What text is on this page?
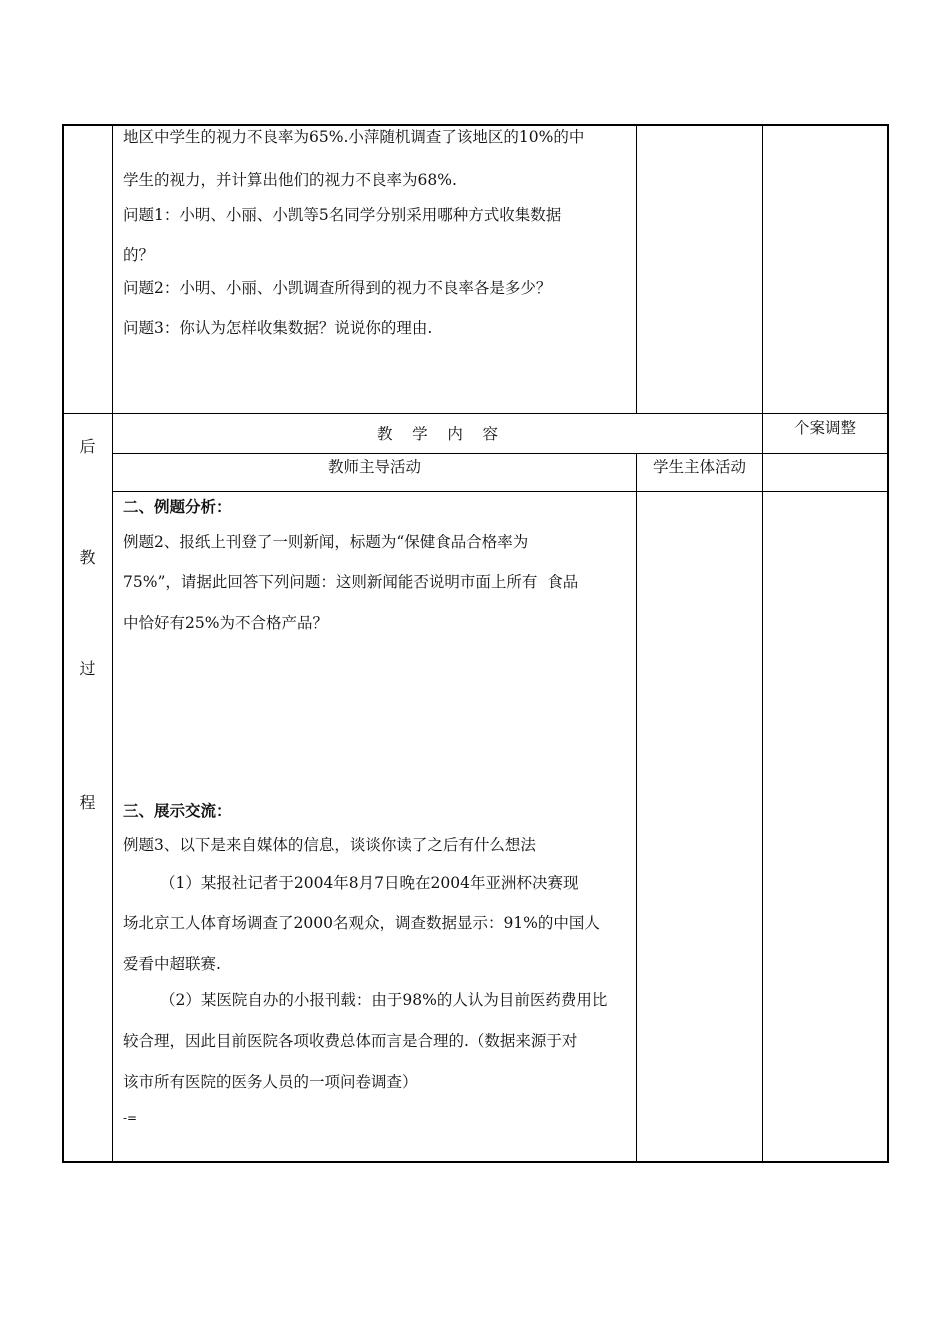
地区中学生的视力不良率为65%.小萍随机调查了该地区的10%的中
学生的视力，并计算出他们的视力不良率为68%.
问题1：小明、小丽、小凯等5名同学分别采用哪种方式收集数据
的？
问题2：小明、小丽、小凯调查所得到的视力不良率各是多少？
问题3：你认为怎样收集数据？说说你的理由.
后
教
过
程
教    学    内    容	个案调整
教师主导活动	学生主体活动
二、例题分析：
例题2、报纸上刊登了一则新闻，标题为“保健食品合格率为
75%”，请据此回答下列问题：这则新闻能否说明市面上所有  食品
中恰好有25%为不合格产品？
三、展示交流：
例题3、以下是来自媒体的信息，谈谈你读了之后有什么想法
（1）某报社记者于2004年8月7日晚在2004年亚洲杯决赛现
场北京工人体育场调查了2000名观众，调查数据显示：91%的中国人
爱看中超联赛.
（2）某医院自办的小报刊载：由于98%的人认为目前医药费用比
较合理，因此目前医院各项收费总体而言是合理的.（数据来源于对
该市所有医院的医务人员的一项问卷调查）
-=
